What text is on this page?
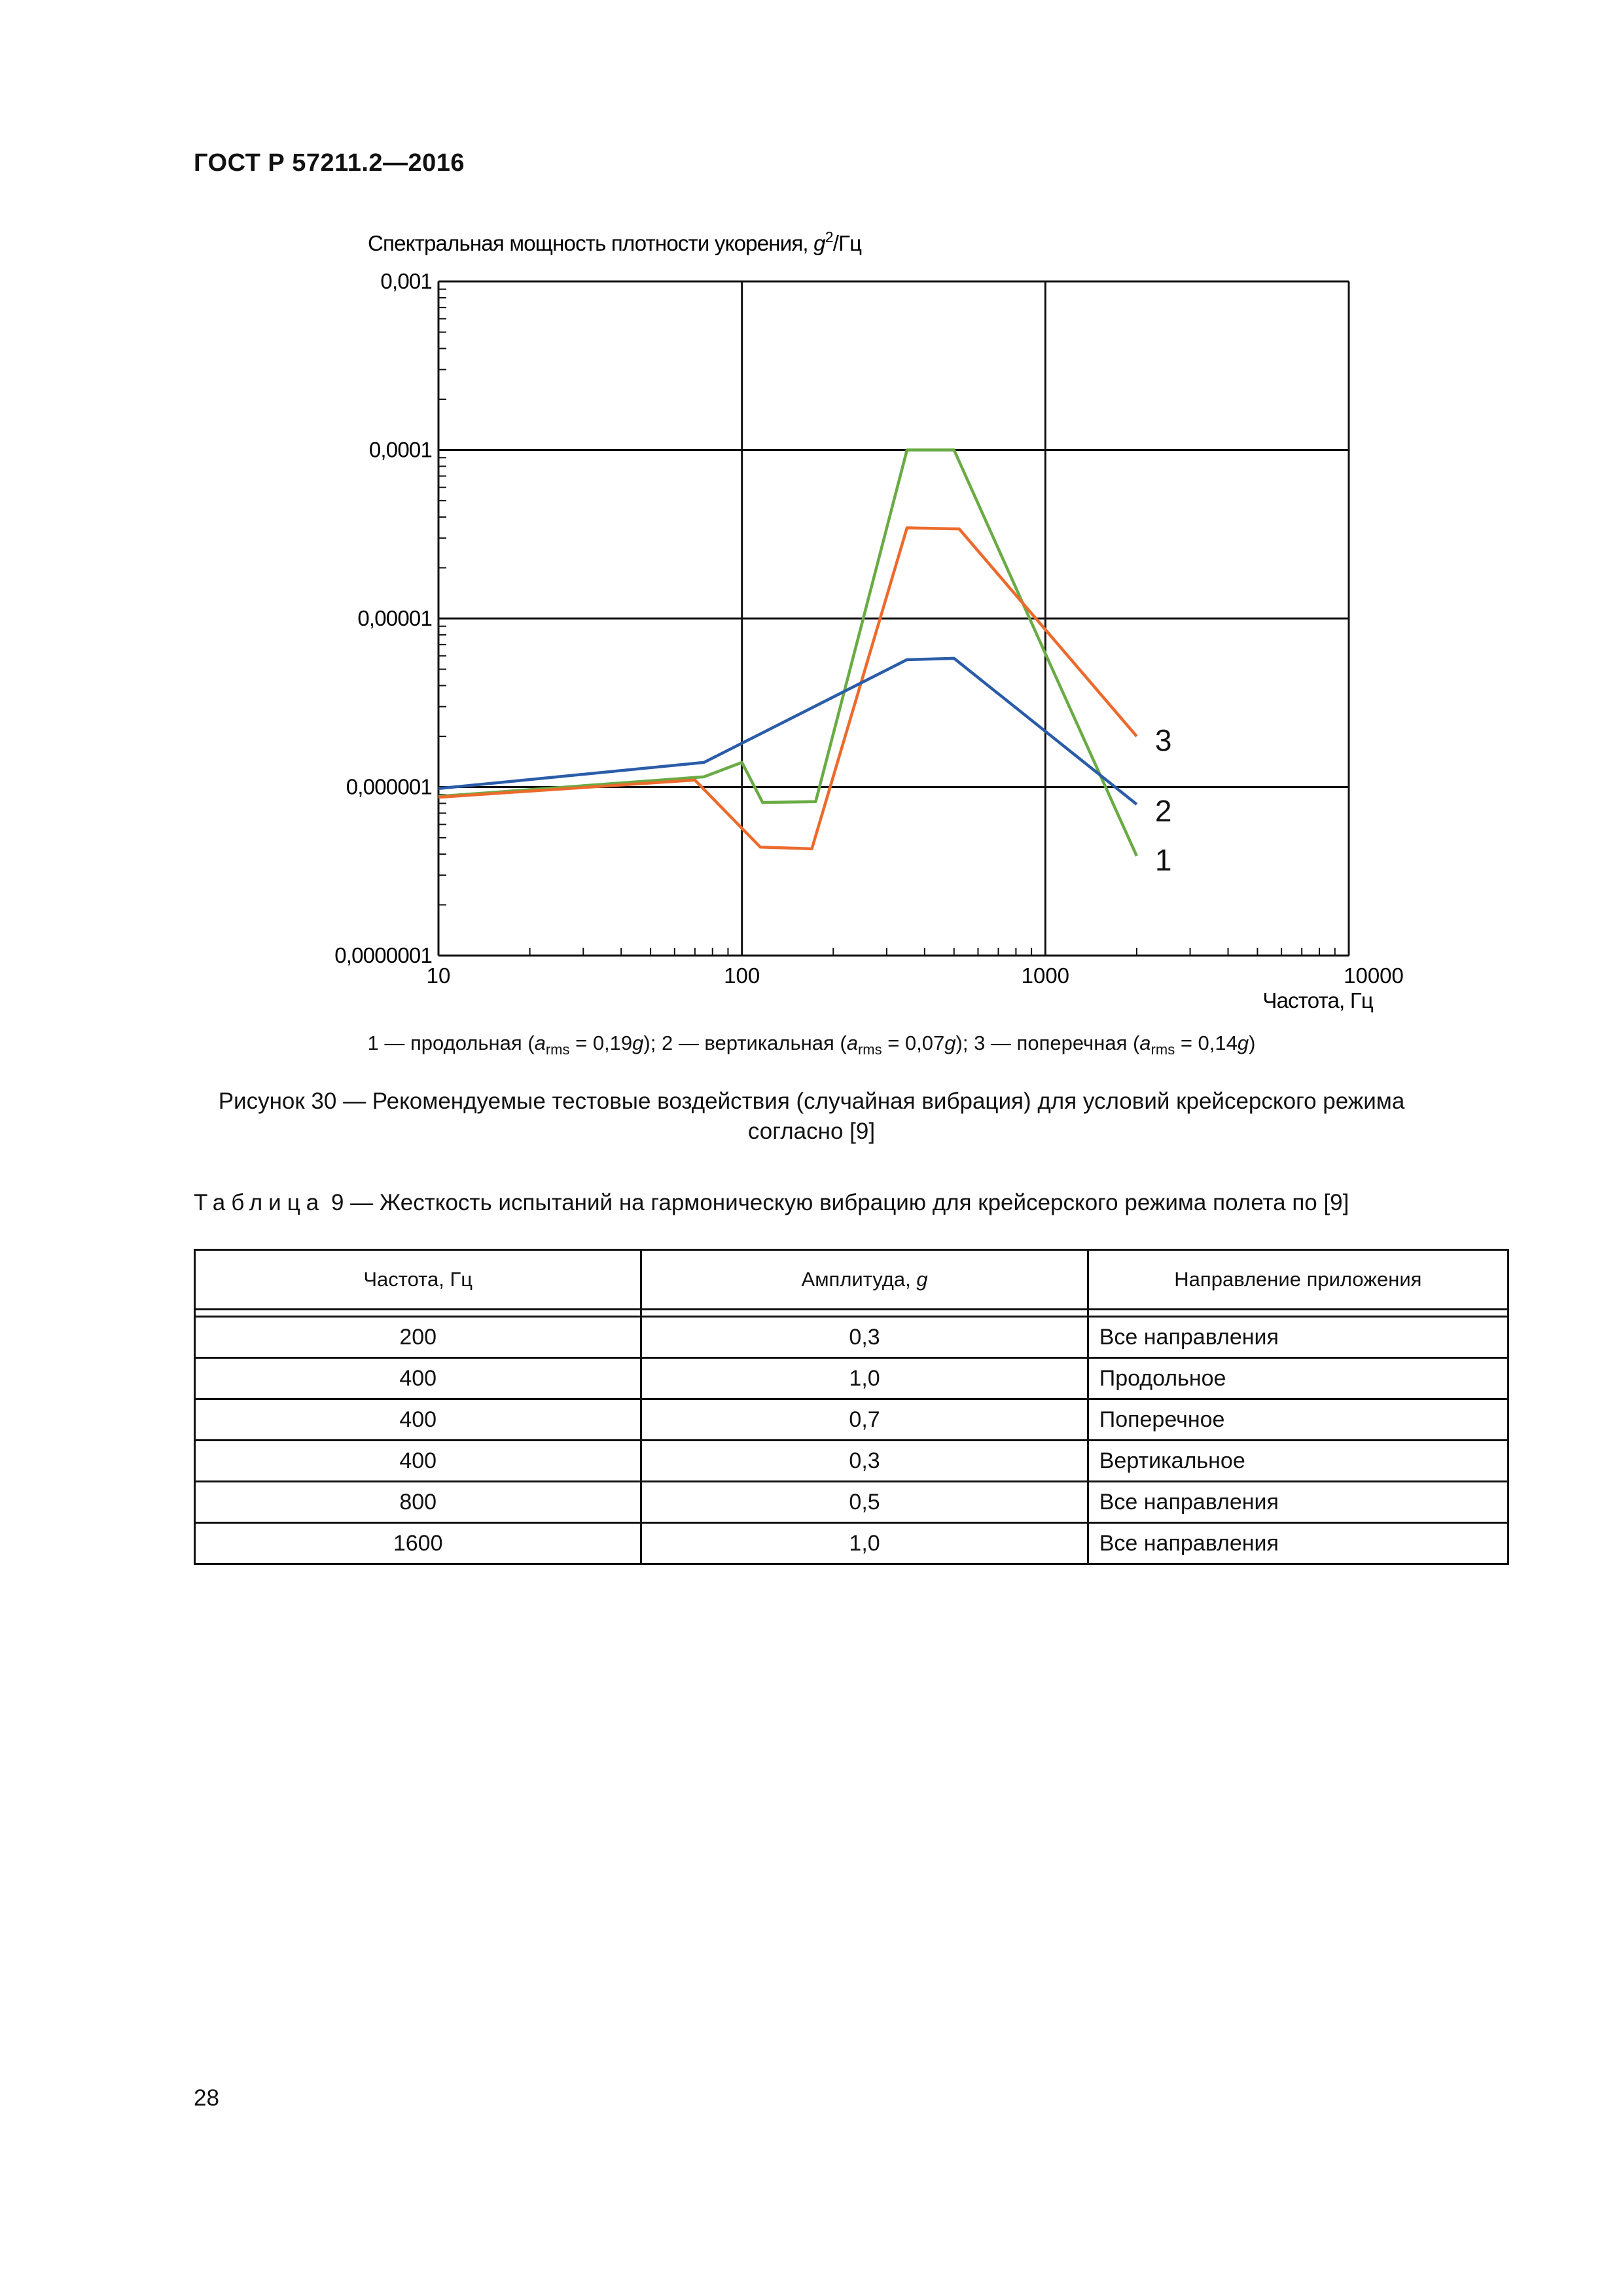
ГОСТ Р 57211.2—2016
Спектральная мощность плотности укорения, $g^2/Гц$
0,0000001
0,000001
0,00001
0,0001
0,001
10	100	1000	10000
1
2
3
Частота, Гц
1 — продольная $(a_{rms} = 0,19g)$; 2 — вертикальная $(a_{rms} = 0,07g)$; 3 — поперечная $(a_{rms} = 0,14g)$
Рисунок 30 — Рекомендуемые тестовые воздействия (случайная вибрация) для условий крейсерского режима согласно [9]
Таблица 9 — Жесткость испытаний на гармоническую вибрацию для крейсерского режима полета по [9]
Частота, Гц	Амплитуда, g	Направление приложения

200	0,3	Все направления
400	1,0	Продольное
400	0,7	Поперечное
400	0,3	Вертикальное
800	0,5	Все направления
1600	1,0	Все направления
28
